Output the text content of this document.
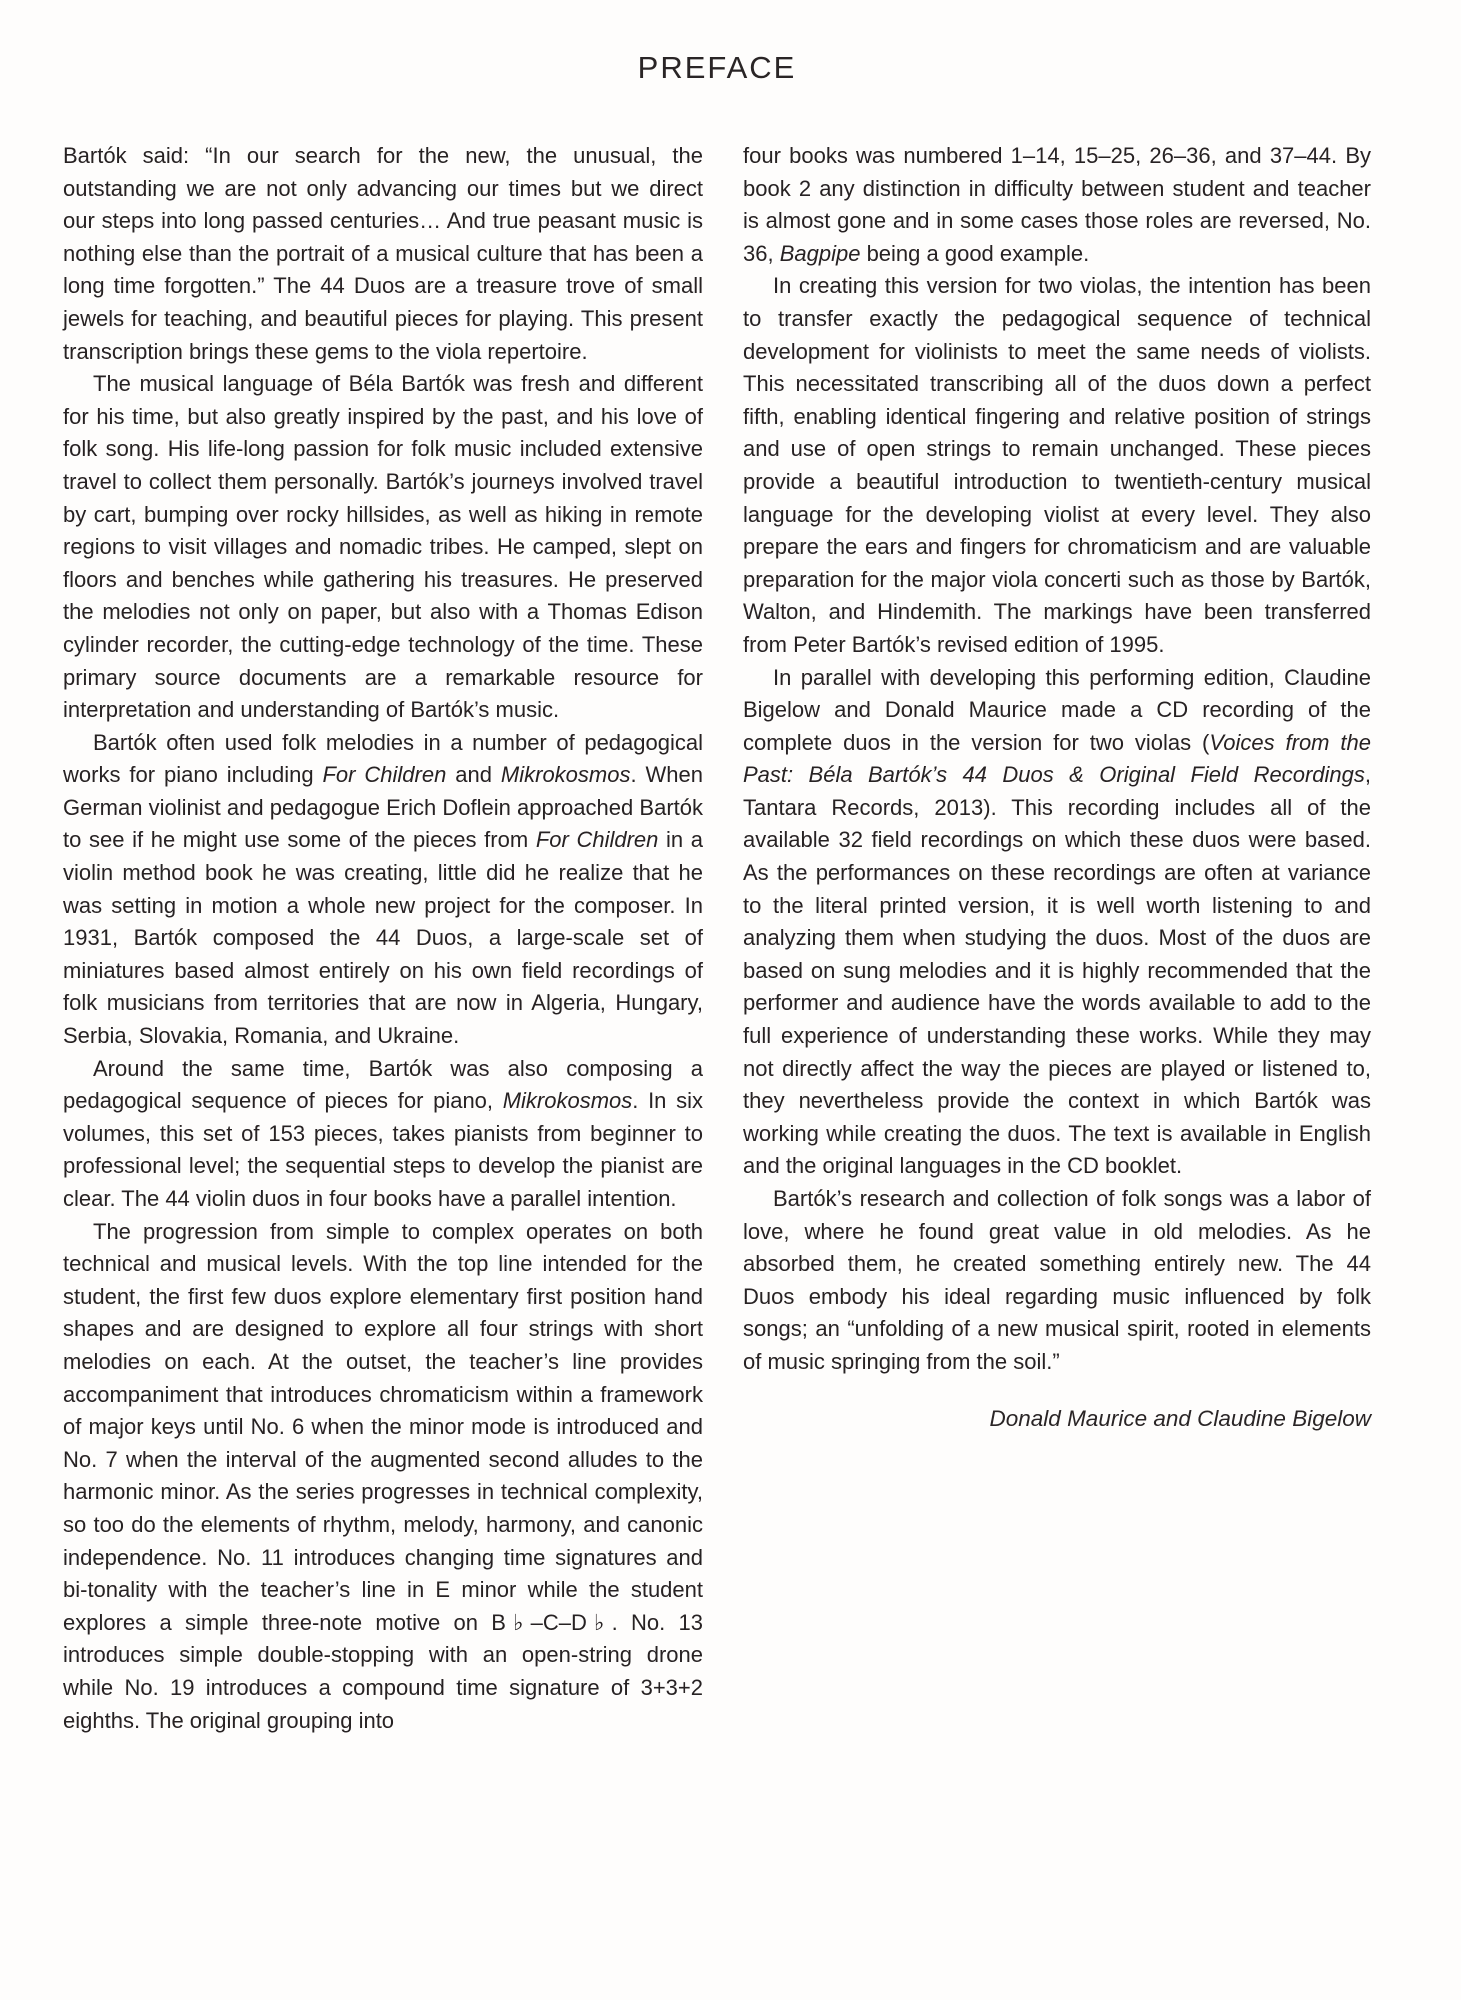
PREFACE

Bartók said: “In our search for the new, the unusual, the outstanding we are not only advancing our times but we direct our steps into long passed centuries… And true peasant music is nothing else than the portrait of a musical culture that has been a long time forgotten.” The 44 Duos are a treasure trove of small jewels for teaching, and beautiful pieces for playing. This present transcription brings these gems to the viola repertoire.

The musical language of Béla Bartók was fresh and different for his time, but also greatly inspired by the past, and his love of folk song. His life-long passion for folk music included extensive travel to collect them personally. Bartók’s journeys involved travel by cart, bumping over rocky hillsides, as well as hiking in remote regions to visit villages and nomadic tribes. He camped, slept on floors and benches while gathering his treasures. He preserved the melodies not only on paper, but also with a Thomas Edison cylinder recorder, the cutting-edge technology of the time. These primary source documents are a remarkable resource for interpretation and understanding of Bartók’s music.

Bartók often used folk melodies in a number of pedagogical works for piano including For Children and Mikrokosmos. When German violinist and pedagogue Erich Doflein approached Bartók to see if he might use some of the pieces from For Children in a violin method book he was creating, little did he realize that he was setting in motion a whole new project for the composer. In 1931, Bartók composed the 44 Duos, a large-scale set of miniatures based almost entirely on his own field recordings of folk musicians from territories that are now in Algeria, Hungary, Serbia, Slovakia, Romania, and Ukraine.

Around the same time, Bartók was also composing a pedagogical sequence of pieces for piano, Mikrokosmos. In six volumes, this set of 153 pieces, takes pianists from beginner to professional level; the sequential steps to develop the pianist are clear. The 44 violin duos in four books have a parallel intention.

The progression from simple to complex operates on both technical and musical levels. With the top line intended for the student, the first few duos explore elementary first position hand shapes and are designed to explore all four strings with short melodies on each. At the outset, the teacher’s line provides accompaniment that introduces chromaticism within a framework of major keys until No. 6 when the minor mode is introduced and No. 7 when the interval of the augmented second alludes to the harmonic minor. As the series progresses in technical complexity, so too do the elements of rhythm, melody, harmony, and canonic independence. No. 11 introduces changing time signatures and bi-tonality with the teacher’s line in E minor while the student explores a simple three-note motive on B♭–C–D♭. No. 13 introduces simple double-stopping with an open-string drone while No. 19 introduces a compound time signature of 3+3+2 eighths. The original grouping into

four books was numbered 1–14, 15–25, 26–36, and 37–44. By book 2 any distinction in difficulty between student and teacher is almost gone and in some cases those roles are reversed, No. 36, Bagpipe being a good example.

In creating this version for two violas, the intention has been to transfer exactly the pedagogical sequence of technical development for violinists to meet the same needs of violists. This necessitated transcribing all of the duos down a perfect fifth, enabling identical fingering and relative position of strings and use of open strings to remain unchanged. These pieces provide a beautiful introduction to twentieth-century musical language for the developing violist at every level. They also prepare the ears and fingers for chromaticism and are valuable preparation for the major viola concerti such as those by Bartók, Walton, and Hindemith. The markings have been transferred from Peter Bartók’s revised edition of 1995.

In parallel with developing this performing edition, Claudine Bigelow and Donald Maurice made a CD recording of the complete duos in the version for two violas (Voices from the Past: Béla Bartók’s 44 Duos & Original Field Recordings, Tantara Records, 2013). This recording includes all of the available 32 field recordings on which these duos were based. As the performances on these recordings are often at variance to the literal printed version, it is well worth listening to and analyzing them when studying the duos. Most of the duos are based on sung melodies and it is highly recommended that the performer and audience have the words available to add to the full experience of understanding these works. While they may not directly affect the way the pieces are played or listened to, they nevertheless provide the context in which Bartók was working while creating the duos. The text is available in English and the original languages in the CD booklet.

Bartók’s research and collection of folk songs was a labor of love, where he found great value in old melodies. As he absorbed them, he created something entirely new. The 44 Duos embody his ideal regarding music influenced by folk songs; an “unfolding of a new musical spirit, rooted in elements of music springing from the soil.”

Donald Maurice and Claudine Bigelow
